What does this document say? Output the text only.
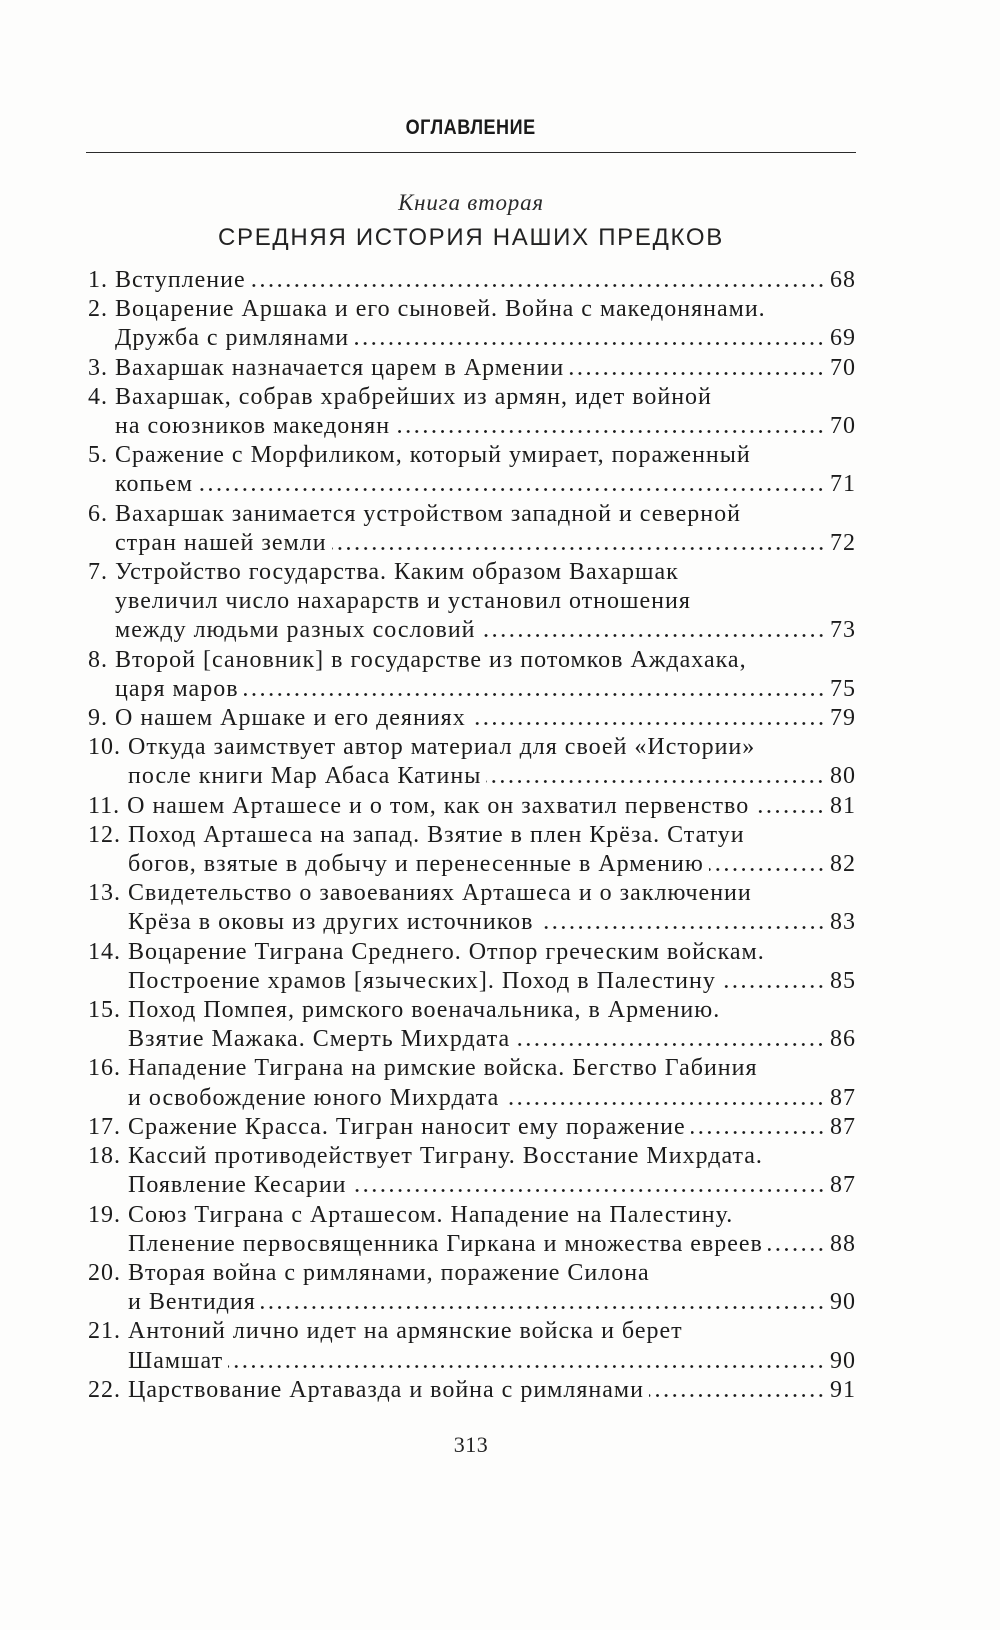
ОГЛАВЛЕНИЕ
Книга вторая
СРЕДНЯЯ ИСТОРИЯ НАШИХ ПРЕДКОВ
1. Вступление	68
2. Воцарение Аршака и его сыновей. Война с македонянами.
Дружба с римлянами	69
3. Вахаршак назначается царем в Армении	70
4. Вахаршак, собрав храбрейших из армян, идет войной
на союзников македонян	70
5. Сражение с Морфиликом, который умирает, пораженный
копьем	71
6. Вахаршак занимается устройством западной и северной
стран нашей земли	72
7. Устройство государства. Каким образом Вахаршак
увеличил число нахарарств и установил отношения
между людьми разных сословий	73
8. Второй [сановник] в государстве из потомков Аждахака,
царя маров	75
9. О нашем Аршаке и его деяниях	79
10. Откуда заимствует автор материал для своей «Истории»
после книги Мар Абаса Катины	80
11. О нашем Арташесе и о том, как он захватил первенство	81
12. Поход Арташеса на запад. Взятие в плен Крёза. Статуи
богов, взятые в добычу и перенесенные в Армению	82
13. Свидетельство о завоеваниях Арташеса и о заключении
Крёза в оковы из других источников	83
14. Воцарение Тиграна Среднего. Отпор греческим войскам.
Построение храмов [языческих]. Поход в Палестину	85
15. Поход Помпея, римского военачальника, в Армению.
Взятие Мажака. Смерть Михрдата	86
16. Нападение Тиграна на римские войска. Бегство Габиния
и освобождение юного Михрдата	87
17. Сражение Красса. Тигран наносит ему поражение	87
18. Кассий противодействует Тиграну. Восстание Михрдата.
Появление Кесарии	87
19. Союз Тиграна с Арташесом. Нападение на Палестину.
Пленение первосвященника Гиркана и множества евреев	88
20. Вторая война с римлянами, поражение Силона
и Вентидия	90
21. Антоний лично идет на армянские войска и берет
Шамшат	90
22. Царствование Артавазда и война с римлянами	91
313
